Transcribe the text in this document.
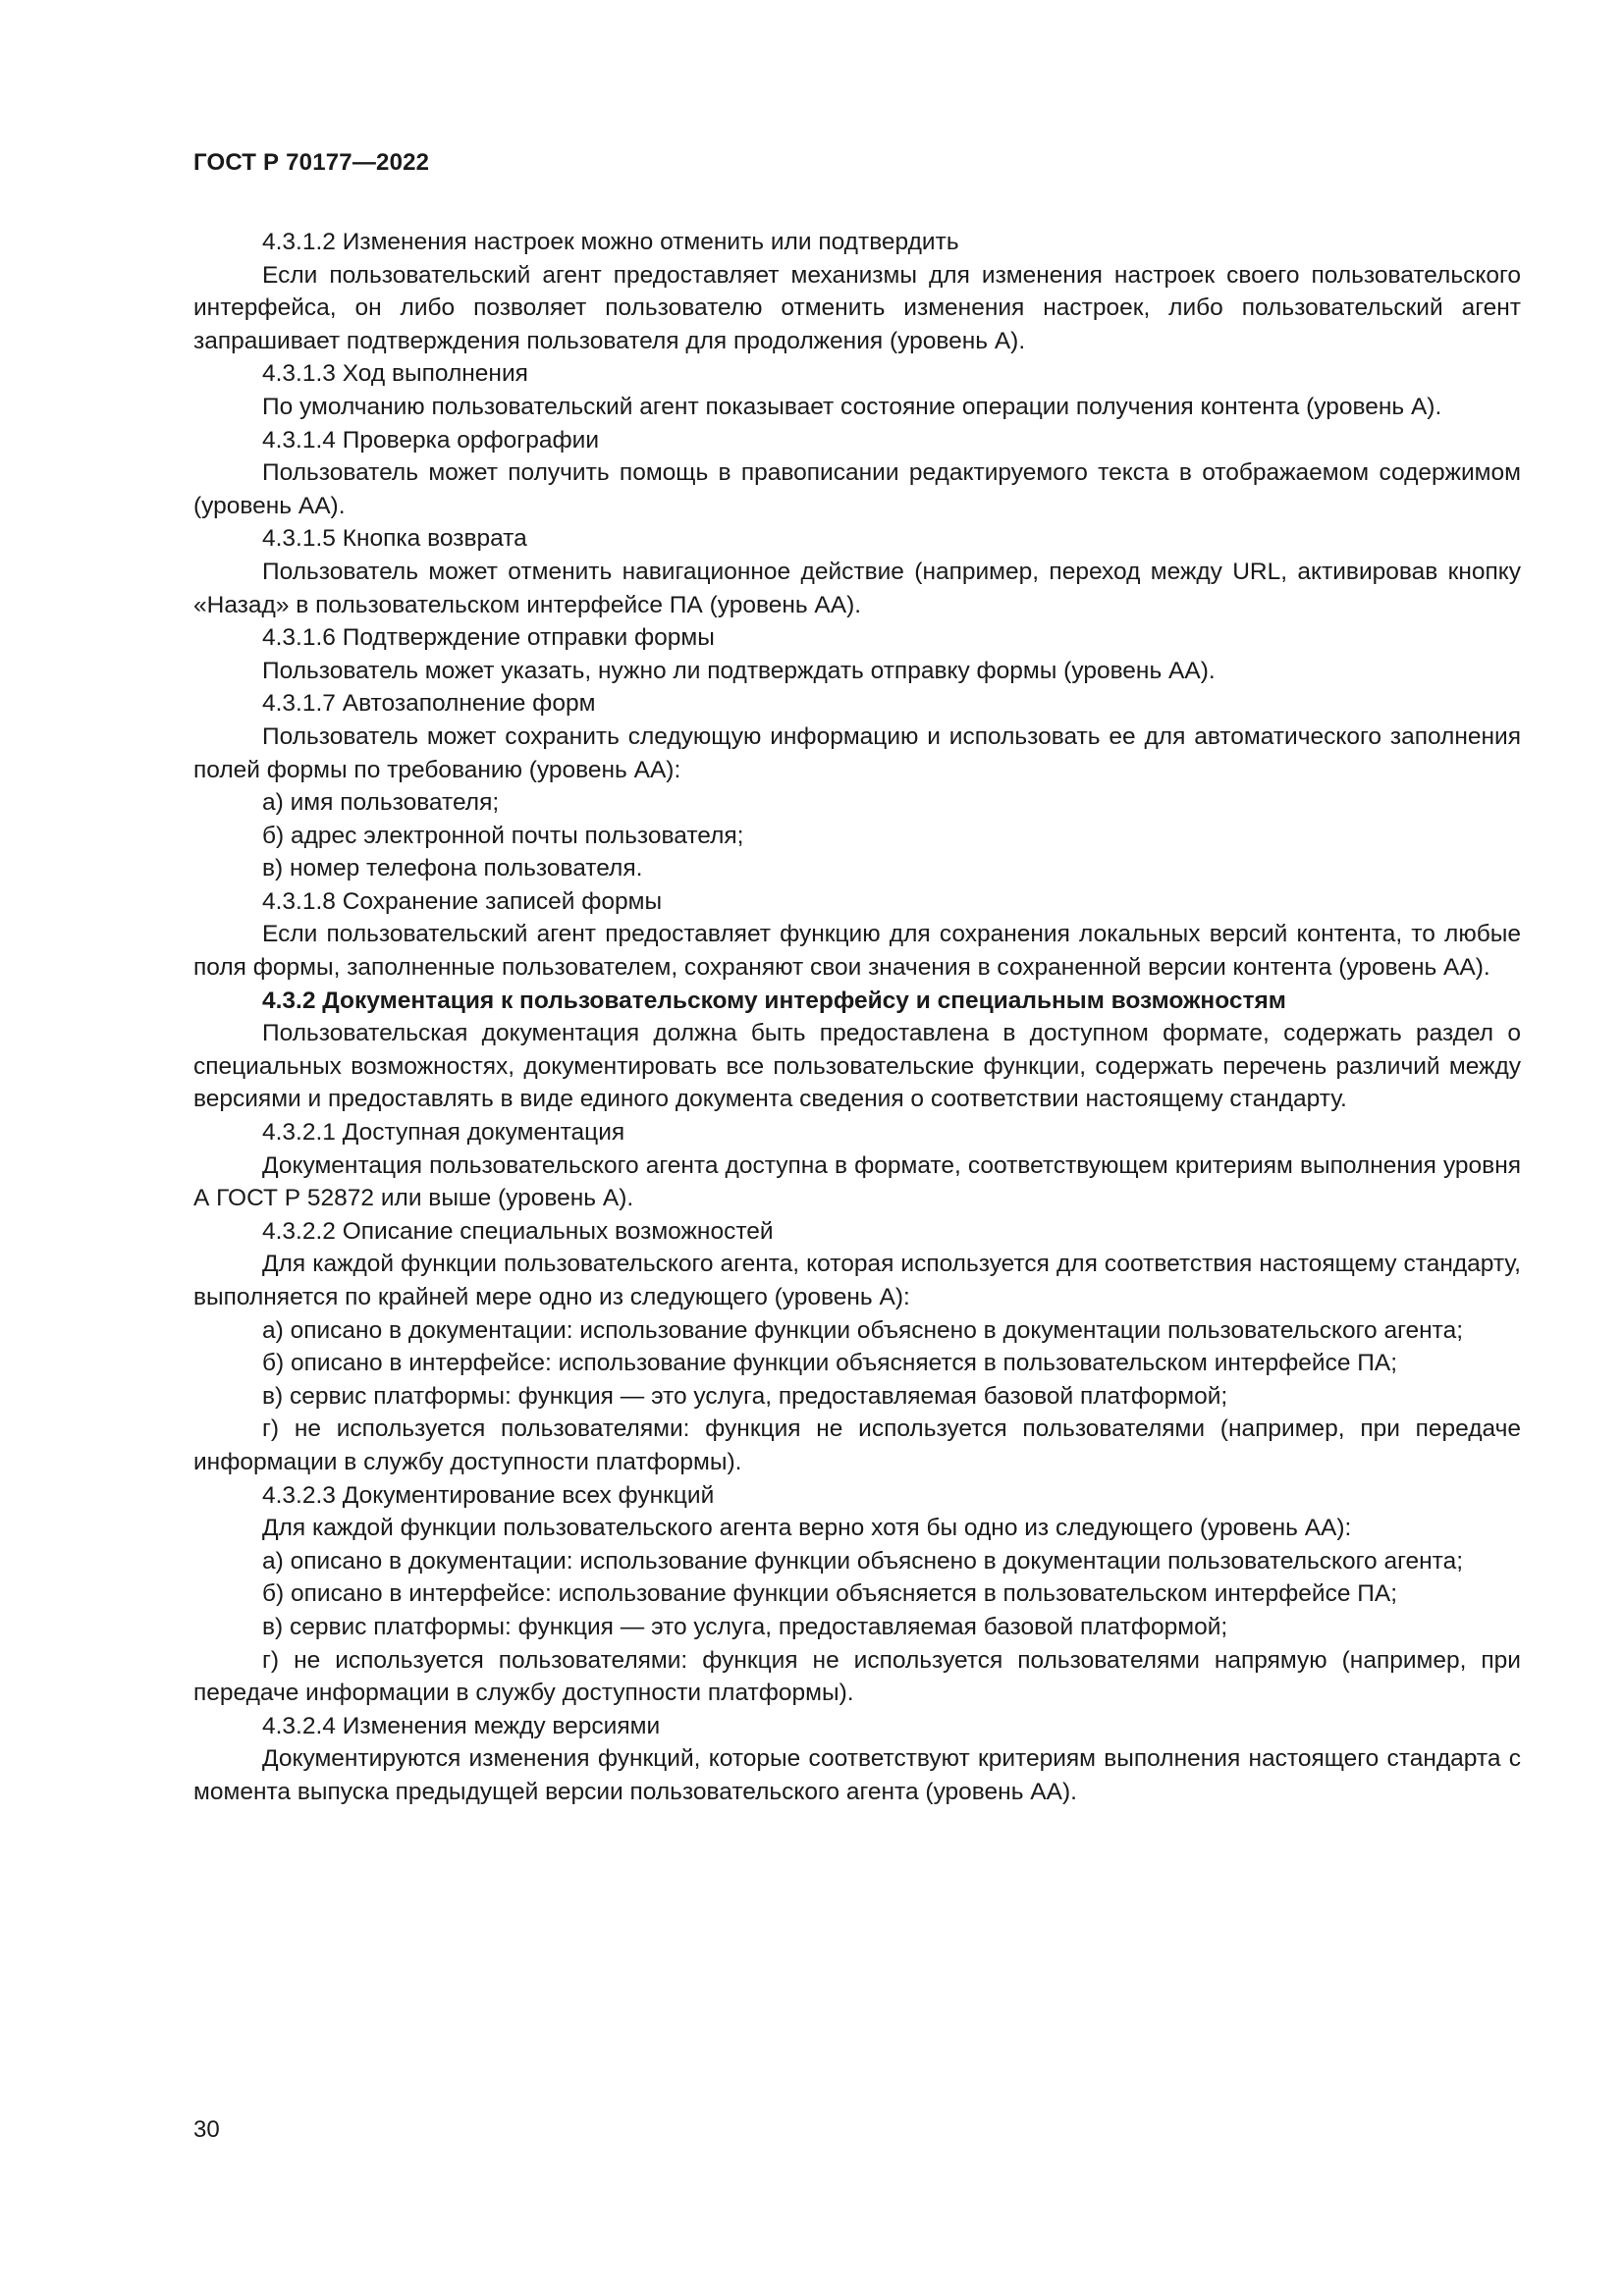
ГОСТ Р 70177—2022

4.3.1.2 Изменения настроек можно отменить или подтвердить

Если пользовательский агент предоставляет механизмы для изменения настроек своего пользовательского интерфейса, он либо позволяет пользователю отменить изменения настроек, либо пользовательский агент запрашивает подтверждения пользователя для продолжения (уровень А).

4.3.1.3 Ход выполнения

По умолчанию пользовательский агент показывает состояние операции получения контента (уровень А).

4.3.1.4 Проверка орфографии

Пользователь может получить помощь в правописании редактируемого текста в отображаемом содержимом (уровень АА).

4.3.1.5 Кнопка возврата

Пользователь может отменить навигационное действие (например, переход между URL, активировав кнопку «Назад» в пользовательском интерфейсе ПА (уровень АА).

4.3.1.6 Подтверждение отправки формы

Пользователь может указать, нужно ли подтверждать отправку формы (уровень АА).

4.3.1.7 Автозаполнение форм

Пользователь может сохранить следующую информацию и использовать ее для автоматического заполнения полей формы по требованию (уровень АА):

а) имя пользователя;

б) адрес электронной почты пользователя;

в) номер телефона пользователя.

4.3.1.8 Сохранение записей формы

Если пользовательский агент предоставляет функцию для сохранения локальных версий контента, то любые поля формы, заполненные пользователем, сохраняют свои значения в сохраненной версии контента (уровень АА).

4.3.2 Документация к пользовательскому интерфейсу и специальным возможностям

Пользовательская документация должна быть предоставлена в доступном формате, содержать раздел о специальных возможностях, документировать все пользовательские функции, содержать перечень различий между версиями и предоставлять в виде единого документа сведения о соответствии настоящему стандарту.

4.3.2.1 Доступная документация

Документация пользовательского агента доступна в формате, соответствующем критериям выполнения уровня А ГОСТ Р 52872 или выше (уровень А).

4.3.2.2 Описание специальных возможностей

Для каждой функции пользовательского агента, которая используется для соответствия настоящему стандарту, выполняется по крайней мере одно из следующего (уровень А):

а) описано в документации: использование функции объяснено в документации пользовательского агента;

б) описано в интерфейсе: использование функции объясняется в пользовательском интерфейсе ПА;

в) сервис платформы: функция — это услуга, предоставляемая базовой платформой;

г) не используется пользователями: функция не используется пользователями (например, при передаче информации в службу доступности платформы).

4.3.2.3 Документирование всех функций

Для каждой функции пользовательского агента верно хотя бы одно из следующего (уровень АА):

а) описано в документации: использование функции объяснено в документации пользовательского агента;

б) описано в интерфейсе: использование функции объясняется в пользовательском интерфейсе ПА;

в) сервис платформы: функция — это услуга, предоставляемая базовой платформой;

г) не используется пользователями: функция не используется пользователями напрямую (например, при передаче информации в службу доступности платформы).

4.3.2.4 Изменения между версиями

Документируются изменения функций, которые соответствуют критериям выполнения настоящего стандарта с момента выпуска предыдущей версии пользовательского агента (уровень АА).

30
